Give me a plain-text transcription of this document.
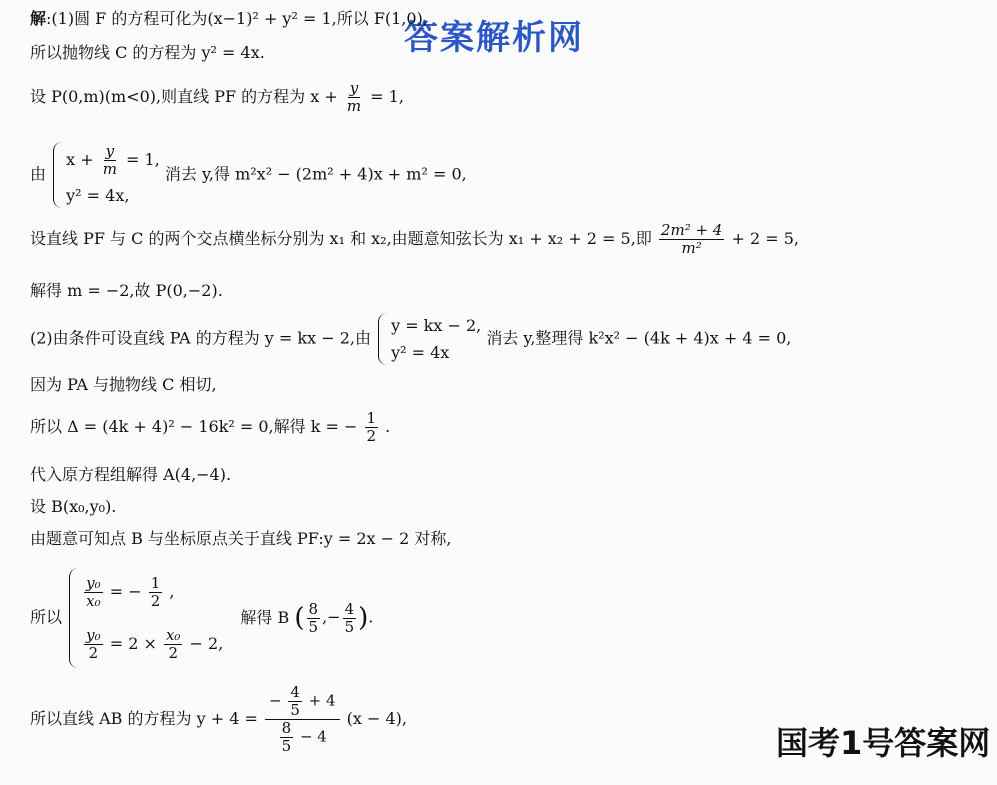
答案解析网
解:(1)圆 F 的方程可化为(x−1)² + y² = 1,所以 F(1,0),
所以抛物线 C 的方程为 y² = 4x.
设 P(0,m)(m<0),则直线 PF 的方程为 $x + \frac{y}{m} = 1$,
由
$x + \frac{y}{m} = 1$,
y² = 4x,
消去 y,得 m²x² − (2m² + 4)x + m² = 0,
设直线 PF 与 C 的两个交点横坐标分别为 x₁ 和 x₂,由题意知弦长为 x₁ + x₂ + 2 = 5,即 $\frac{\text{2m² + 4}}{\text{m²}} + 2 = 5$,
解得 m = −2,故 P(0,−2).
(2)由条件可设直线 PA 的方程为 y = kx − 2,由
y = kx − 2,
y² = 4x
消去 y,整理得 k²x² − (4k + 4)x + 4 = 0,
因为 PA 与抛物线 C 相切,
所以 Δ = (4k + 4)² − 16k² = 0,解得 k = − $\frac{1}{2}$ .
代入原方程组解得 A(4,−4).
设 B(x₀,y₀).
由题意可知点 B 与坐标原点关于直线 PF:y = 2x − 2 对称,
所以
$\frac{\text{y₀}}{\text{x₀}}$ = − $\frac{1}{2}$ ,
$\frac{\text{y₀}}{2} = 2 \times \frac{\text{x₀}}{2} - 2$,
解得 B ( $\frac{8}{5}$ ,− $\frac{4}{5}$ ).
所以直线 AB 的方程为 $y + 4 = \frac{- \frac{4}{5} + 4}{\frac{8}{5} - 4} (x - 4)$,
国考1号答案网
